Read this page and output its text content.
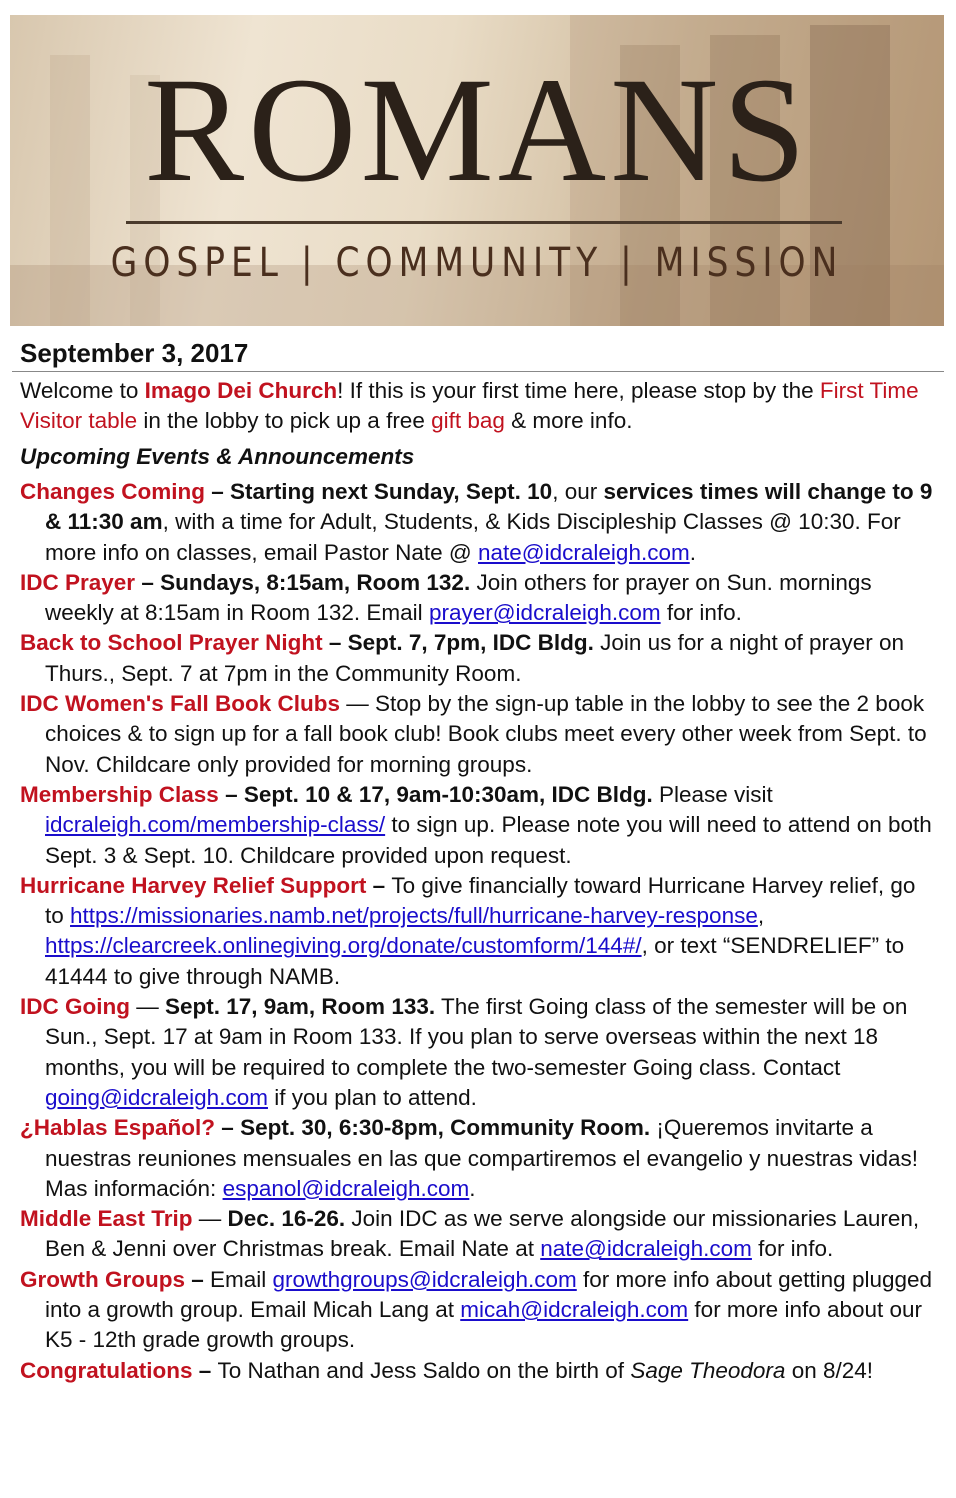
ROMANS
GOSPEL | COMMUNITY | MISSION
September 3, 2017
Welcome to Imago Dei Church! If this is your first time here, please stop by the First Time Visitor table in the lobby to pick up a free gift bag & more info.
Upcoming Events & Announcements

Changes Coming – Starting next Sunday, Sept. 10, our services times will change to 9 & 11:30 am, with a time for Adult, Students, & Kids Discipleship Classes @ 10:30. For more info on classes, email Pastor Nate @ nate@idcraleigh.com.

IDC Prayer – Sundays, 8:15am, Room 132. Join others for prayer on Sun. mornings weekly at 8:15am in Room 132. Email prayer@idcraleigh.com for info.

Back to School Prayer Night – Sept. 7, 7pm, IDC Bldg. Join us for a night of prayer on Thurs., Sept. 7 at 7pm in the Community Room.

IDC Women's Fall Book Clubs — Stop by the sign-up table in the lobby to see the 2 book choices & to sign up for a fall book club! Book clubs meet every other week from Sept. to Nov. Childcare only provided for morning groups.

Membership Class – Sept. 10 & 17, 9am-10:30am, IDC Bldg. Please visit idcraleigh.com/membership-class/ to sign up. Please note you will need to attend on both Sept. 3 & Sept. 10. Childcare provided upon request.

Hurricane Harvey Relief Support – To give financially toward Hurricane Harvey relief, go to https://missionaries.namb.net/projects/full/hurricane-harvey-response, https://clearcreek.onlinegiving.org/donate/customform/144#/, or text “SENDRELIEF” to 41444 to give through NAMB.

IDC Going — Sept. 17, 9am, Room 133. The first Going class of the semester will be on Sun., Sept. 17 at 9am in Room 133. If you plan to serve overseas within the next 18 months, you will be required to complete the two-semester Going class. Contact going@idcraleigh.com if you plan to attend.

¿Hablas Español? – Sept. 30, 6:30-8pm, Community Room. ¡Queremos invitarte a nuestras reuniones mensuales en las que compartiremos el evangelio y nuestras vidas! Mas información: espanol@idcraleigh.com.

Middle East Trip — Dec. 16-26. Join IDC as we serve alongside our missionaries Lauren, Ben & Jenni over Christmas break. Email Nate at nate@idcraleigh.com for info.

Growth Groups – Email growthgroups@idcraleigh.com for more info about getting plugged into a growth group. Email Micah Lang at micah@idcraleigh.com for more info about our K5 - 12th grade growth groups.

Congratulations – To Nathan and Jess Saldo on the birth of Sage Theodora on 8/24!
